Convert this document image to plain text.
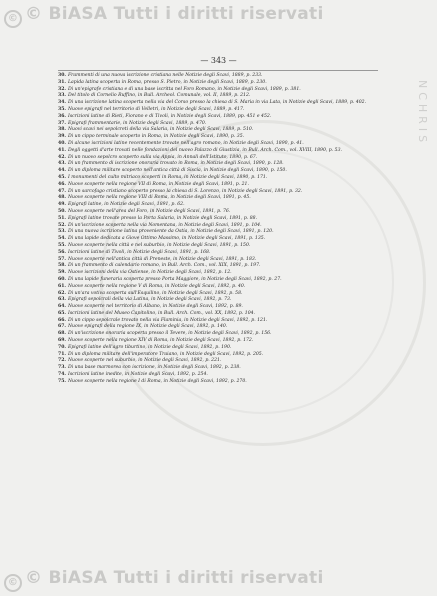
NCHRIS
© © BiASA Tutti i diritti riservati
— 343 —

30. Frammenti di una nuova iscrizione cristiana nelle Notizie degli Scavi, 1889, p. 233.

31. Lapida latina scoperta in Roma, presso S. Pietro, in Notizie degli Scavi, 1889, p. 230.

32. Di un'epigrafe cristiana e di una base iscritta nel Foro Romano, in Notizie degli Scavi, 1889, p. 381.

33. Del titolo di Cornelio Ruffino, in Bull. Archeol. Comunale, vol. II, 1889, p. 212.

34. Di una iscrizione latina scoperta nella via del Corso presso la chiesa di S. Maria in via Lata, in Notizie degli Scavi, 1889, p. 402.

35. Nuove epigrafi nel territorio di Velletri, in Notizie degli Scavi, 1889, p. 417.

36. Iscrizioni latine di Rieti, Fiorano e di Tivoli, in Notizie degli Scavi, 1889, pp. 451 e 452.

37. Epigrafi frammentarie, in Notizie degli Scavi, 1889, p. 470.

38. Nuovi scavi nei sepolcreti della via Salaria, in Notizie degli Scavi, 1889, p. 510.

39. Di un cippo terminale scoperto in Roma, in Notizie degli Scavi, 1890, p. 35.

40. Di alcune iscrizioni latine recentemente trovate nell'agro romano, in Notizie degli Scavi, 1890, p. 41.

41. Degli oggetti d'arte trovati nelle fondazioni del nuovo Palazzo di Giustizia, in Bull. Arch. Com., vol. XVIII, 1890, p. 53.

42. Di un nuovo sepolcro scoperto sulla via Appia, in Annali dell'Istituto, 1890, p. 67.

43. Di un frammento di iscrizione onoraria trovato in Roma, in Notizie degli Scavi, 1890, p. 128.

44. Di un diploma militare scoperto nell'antica città di Siscia, in Notizie degli Scavi, 1890, p. 150.

45. I monumenti del culto mitriaco scoperti in Roma, in Notizie degli Scavi, 1890, p. 171.

46. Nuove scoperte nella regione VII di Roma, in Notizie degli Scavi, 1891, p. 21.

47. Di un sarcofago cristiano scoperto presso la chiesa di S. Lorenzo, in Notizie degli Scavi, 1891, p. 32.

48. Nuove scoperte nella regione VIII di Roma, in Notizie degli Scavi, 1891, p. 45.

49. Epigrafi latine, in Notizie degli Scavi, 1891, p. 62.

50. Nuove scoperte nell'area del Foro, in Notizie degli Scavi, 1891, p. 76.

51. Epigrafi latine trovate presso la Porta Salaria, in Notizie degli Scavi, 1891, p. 88.

52. Di un'iscrizione scoperta nella via Nomentana, in Notizie degli Scavi, 1891, p. 104.

53. Di una nuova iscrizione latina proveniente da Ostia, in Notizie degli Scavi, 1891, p. 120.

54. Di una lapide dedicata a Giove Ottimo Massimo, in Notizie degli Scavi, 1891, p. 135.

55. Nuove scoperte nella città e nel suburbio, in Notizie degli Scavi, 1891, p. 150.

56. Iscrizioni latine di Tivoli, in Notizie degli Scavi, 1891, p. 168.

57. Nuove scoperte nell'antica città di Preneste, in Notizie degli Scavi, 1891, p. 183.

58. Di un frammento di calendario romano, in Bull. Arch. Com., vol. XIX, 1891, p. 197.

59. Nuove iscrizioni della via Ostiense, in Notizie degli Scavi, 1892, p. 12.

60. Di una lapide funeraria scoperta presso Porta Maggiore, in Notizie degli Scavi, 1892, p. 27.

61. Nuove scoperte nella regione V di Roma, in Notizie degli Scavi, 1892, p. 40.

62. Di un'ara votiva scoperta sull'Esquilino, in Notizie degli Scavi, 1892, p. 58.

63. Epigrafi sepolcrali della via Latina, in Notizie degli Scavi, 1892, p. 73.

64. Nuove scoperte nel territorio di Albano, in Notizie degli Scavi, 1892, p. 89.

65. Iscrizioni latine del Museo Capitolino, in Bull. Arch. Com., vol. XX, 1892, p. 104.

66. Di un cippo sepolcrale trovato nella via Flaminia, in Notizie degli Scavi, 1892, p. 121.

67. Nuove epigrafi della regione IX, in Notizie degli Scavi, 1892, p. 140.

68. Di un'iscrizione onoraria scoperta presso il Tevere, in Notizie degli Scavi, 1892, p. 156.

69. Nuove scoperte nella regione XIV di Roma, in Notizie degli Scavi, 1892, p. 172.

70. Epigrafi latine dell'agro tiburtino, in Notizie degli Scavi, 1892, p. 190.

71. Di un diploma militare dell'imperatore Traiano, in Notizie degli Scavi, 1892, p. 205.

72. Nuove scoperte nel suburbio, in Notizie degli Scavi, 1892, p. 221.

73. Di una base marmorea con iscrizione, in Notizie degli Scavi, 1892, p. 238.

74. Iscrizioni latine inedite, in Notizie degli Scavi, 1892, p. 254.

75. Nuove scoperte nella regione I di Roma, in Notizie degli Scavi, 1892, p. 270.

© © BiASA Tutti i diritti riservati
